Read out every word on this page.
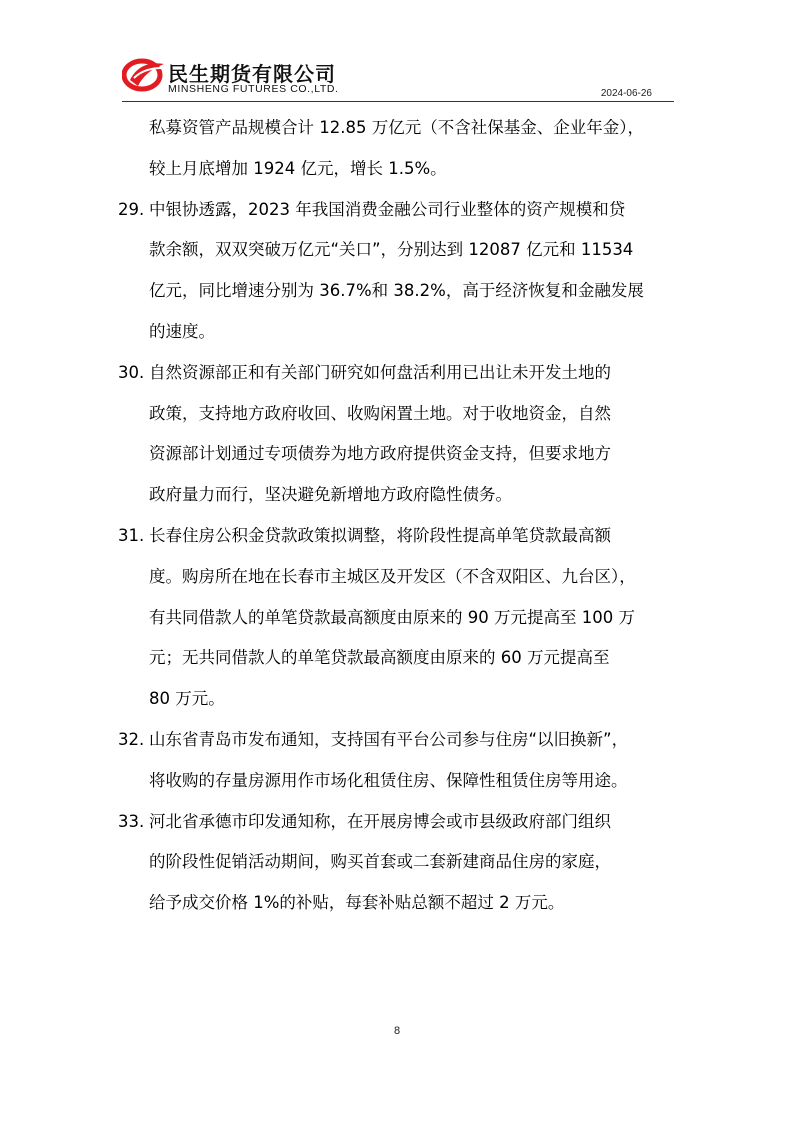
民生期货有限公司
MINSHENG FUTURES CO.,LTD.	2024-06-26
私募资管产品规模合计 12.85 万亿元（不含社保基金、企业年金），
较上月底增加 1924 亿元，增长 1.5%。
29. 中银协透露，2023 年我国消费金融公司行业整体的资产规模和贷
款余额，双双突破万亿元“关口”，分别达到 12087 亿元和 11534
亿元，同比增速分别为 36.7%和 38.2%，高于经济恢复和金融发展
的速度。
30. 自然资源部正和有关部门研究如何盘活利用已出让未开发土地的
政策，支持地方政府收回、收购闲置土地。对于收地资金，自然
资源部计划通过专项债券为地方政府提供资金支持，但要求地方
政府量力而行，坚决避免新增地方政府隐性债务。
31. 长春住房公积金贷款政策拟调整，将阶段性提高单笔贷款最高额
度。购房所在地在长春市主城区及开发区（不含双阳区、九台区），
有共同借款人的单笔贷款最高额度由原来的 90 万元提高至 100 万
元；无共同借款人的单笔贷款最高额度由原来的 60 万元提高至
80 万元。
32. 山东省青岛市发布通知，支持国有平台公司参与住房“以旧换新”，
将收购的存量房源用作市场化租赁住房、保障性租赁住房等用途。
33. 河北省承德市印发通知称，在开展房博会或市县级政府部门组织
的阶段性促销活动期间，购买首套或二套新建商品住房的家庭，
给予成交价格 1%的补贴，每套补贴总额不超过 2 万元。
8
